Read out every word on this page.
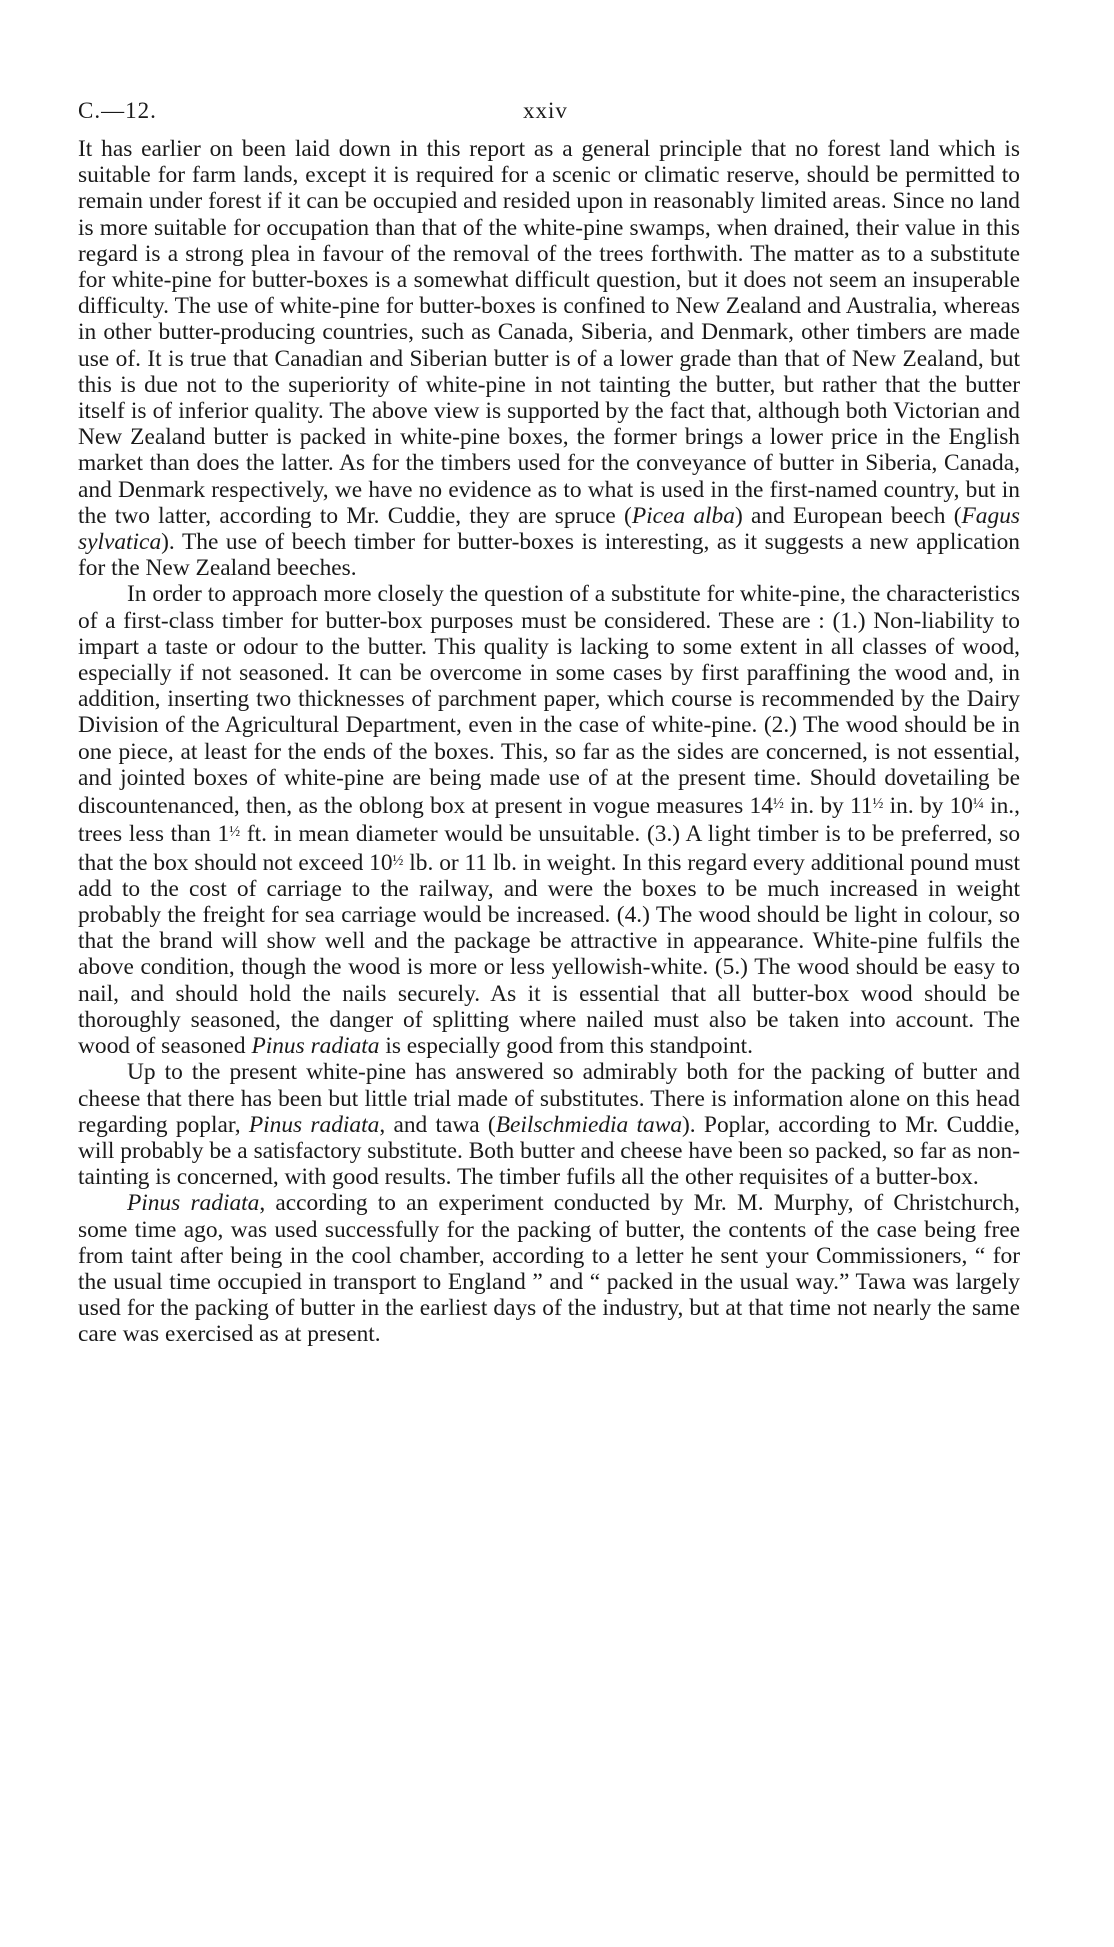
C.—12.	xxiv

It has earlier on been laid down in this report as a general principle that no forest land which is suitable for farm lands, except it is required for a scenic or climatic reserve, should be permitted to remain under forest if it can be occupied and resided upon in reasonably limited areas. Since no land is more suitable for occupation than that of the white-pine swamps, when drained, their value in this regard is a strong plea in favour of the removal of the trees forthwith. The matter as to a substitute for white-pine for butter-boxes is a somewhat difficult question, but it does not seem an insuperable difficulty. The use of white-pine for butter-boxes is confined to New Zealand and Australia, whereas in other butter-producing countries, such as Canada, Siberia, and Denmark, other timbers are made use of. It is true that Canadian and Siberian butter is of a lower grade than that of New Zealand, but this is due not to the superiority of white-pine in not tainting the butter, but rather that the butter itself is of inferior quality. The above view is supported by the fact that, although both Victorian and New Zealand butter is packed in white-pine boxes, the former brings a lower price in the English market than does the latter. As for the timbers used for the conveyance of butter in Siberia, Canada, and Denmark respectively, we have no evidence as to what is used in the first-named country, but in the two latter, according to Mr. Cuddie, they are spruce (Picea alba) and European beech (Fagus sylvatica). The use of beech timber for butter-boxes is interesting, as it suggests a new application for the New Zealand beeches.

In order to approach more closely the question of a substitute for white-pine, the characteristics of a first-class timber for butter-box purposes must be considered. These are : (1.) Non-liability to impart a taste or odour to the butter. This quality is lacking to some extent in all classes of wood, especially if not seasoned. It can be overcome in some cases by first paraffining the wood and, in addition, inserting two thicknesses of parchment paper, which course is recommended by the Dairy Division of the Agricultural Department, even in the case of white-pine. (2.) The wood should be in one piece, at least for the ends of the boxes. This, so far as the sides are concerned, is not essential, and jointed boxes of white-pine are being made use of at the present time. Should dovetailing be discountenanced, then, as the oblong box at present in vogue measures $14^{\frac{1}{2}}$ in. by $11^{\frac{1}{2}}$ in. by $10^{\frac{1}{4}}$ in., trees less than $1^{\frac{1}{2}}$ ft. in mean diameter would be unsuitable. (3.) A light timber is to be preferred, so that the box should not exceed $10^{\frac{1}{2}}$ lb. or 11 lb. in weight. In this regard every additional pound must add to the cost of carriage to the railway, and were the boxes to be much increased in weight probably the freight for sea carriage would be increased. (4.) The wood should be light in colour, so that the brand will show well and the package be attractive in appearance. White-pine fulfils the above condition, though the wood is more or less yellowish-white. (5.) The wood should be easy to nail, and should hold the nails securely. As it is essential that all butter-box wood should be thoroughly seasoned, the danger of splitting where nailed must also be taken into account. The wood of seasoned Pinus radiata is especially good from this standpoint.

Up to the present white-pine has answered so admirably both for the packing of butter and cheese that there has been but little trial made of substitutes. There is information alone on this head regarding poplar, Pinus radiata, and tawa (Beilschmiedia tawa). Poplar, according to Mr. Cuddie, will probably be a satisfactory substitute. Both butter and cheese have been so packed, so far as non-tainting is concerned, with good results. The timber fufils all the other requisites of a butter-box.

Pinus radiata, according to an experiment conducted by Mr. M. Murphy, of Christchurch, some time ago, was used successfully for the packing of butter, the contents of the case being free from taint after being in the cool chamber, according to a letter he sent your Commissioners, “ for the usual time occupied in transport to England ” and “ packed in the usual way.” Tawa was largely used for the packing of butter in the earliest days of the industry, but at that time not nearly the same care was exercised as at present.
